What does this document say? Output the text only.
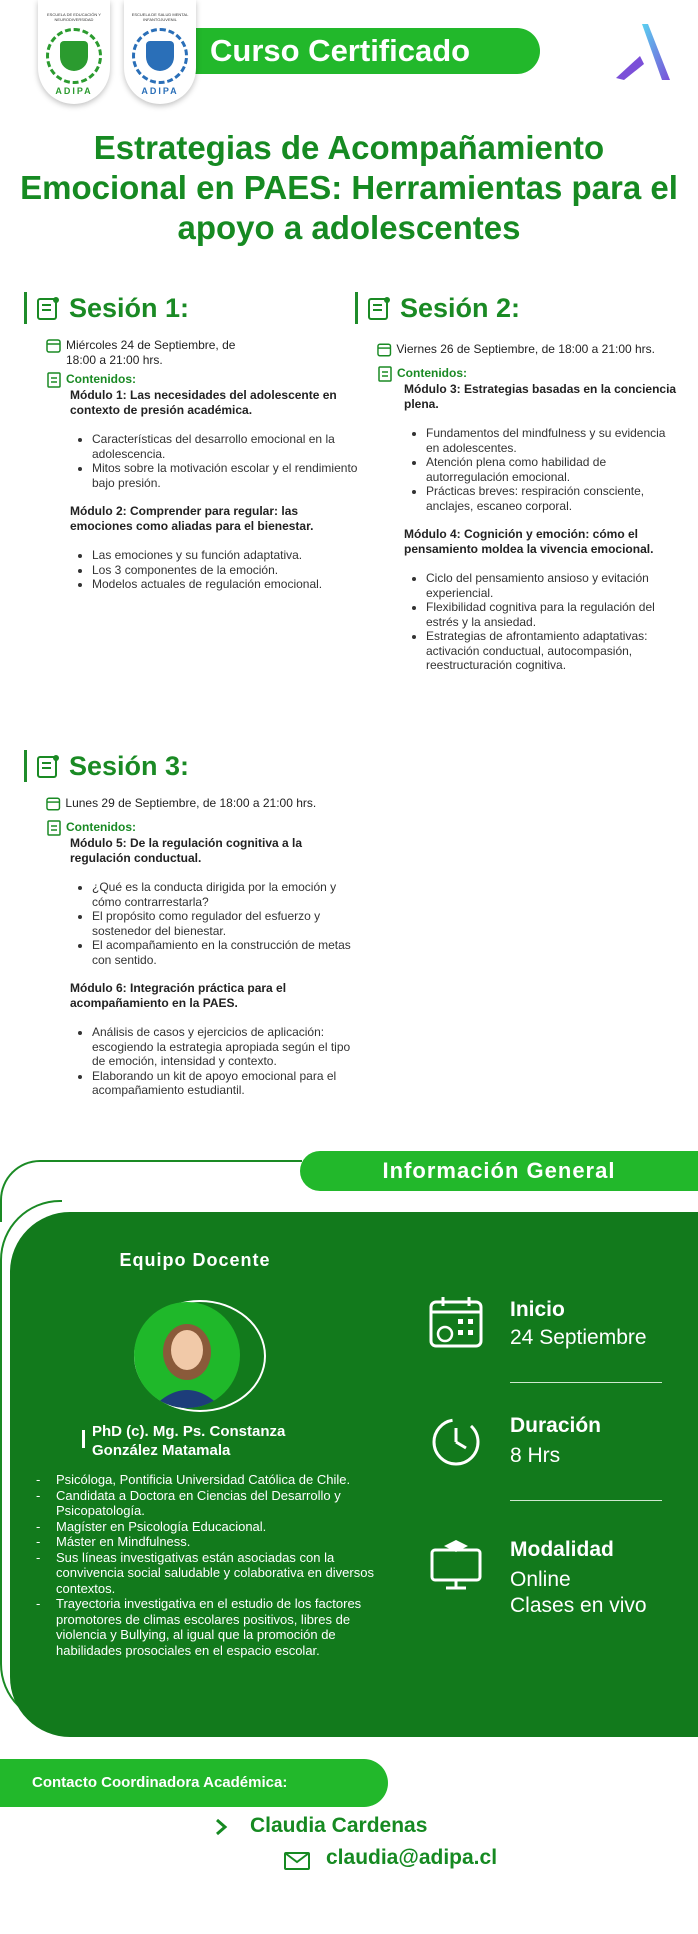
Curso Certificado
ESCUELA DE EDUCACIÓN Y NEURODIVERSIDAD
ADIPA
ESCUELA DE SALUD MENTAL INFANTOJUVENIL
ADIPA
Estrategias de Acompañamiento Emocional en PAES: Herramientas para el apoyo a adolescentes
Sesión 1:
Miércoles 24 de Septiembre, de 18:00 a 21:00 hrs.
Contenidos:
Módulo 1: Las necesidades del adolescente en contexto de presión académica.
• Características del desarrollo emocional en la adolescencia.
• Mitos sobre la motivación escolar y el rendimiento bajo presión.
Módulo 2: Comprender para regular: las emociones como aliadas para el bienestar.
• Las emociones y su función adaptativa.
• Los 3 componentes de la emoción.
• Modelos actuales de regulación emocional.
Sesión 2:
Viernes 26 de Septiembre, de 18:00 a 21:00 hrs.
Contenidos:
Módulo 3: Estrategias basadas en la conciencia plena.
• Fundamentos del mindfulness y su evidencia en adolescentes.
• Atención plena como habilidad de autorregulación emocional.
• Prácticas breves: respiración consciente, anclajes, escaneo corporal.
Módulo 4: Cognición y emoción: cómo el pensamiento moldea la vivencia emocional.
• Ciclo del pensamiento ansioso y evitación experiencial.
• Flexibilidad cognitiva para la regulación del estrés y la ansiedad.
• Estrategias de afrontamiento adaptativas: activación conductual, autocompasión, reestructuración cognitiva.
Sesión 3:
Lunes 29 de Septiembre, de 18:00 a 21:00 hrs.
Contenidos:
Módulo 5: De la regulación cognitiva a la regulación conductual.
• ¿Qué es la conducta dirigida por la emoción y cómo contrarrestarla?
• El propósito como regulador del esfuerzo y sostenedor del bienestar.
• El acompañamiento en la construcción de metas con sentido.
Módulo 6: Integración práctica para el acompañamiento en la PAES.
• Análisis de casos y ejercicios de aplicación: escogiendo la estrategia apropiada según el tipo de emoción, intensidad y contexto.
• Elaborando un kit de apoyo emocional para el acompañamiento estudiantil.
Información General
Equipo Docente
PhD (c). Mg. Ps. Constanza González Matamala
- Psicóloga, Pontificia Universidad Católica de Chile.
- Candidata a Doctora en Ciencias del Desarrollo y Psicopatología.
- Magíster en Psicología Educacional.
- Máster en Mindfulness.
- Sus líneas investigativas están asociadas con la convivencia social saludable y colaborativa en diversos contextos.
- Trayectoria investigativa en el estudio de los factores promotores de climas escolares positivos, libres de violencia y Bullying, al igual que la promoción de habilidades prosociales en el espacio escolar.
Inicio
24 Septiembre
Duración
8 Hrs
Modalidad
Online
Clases en vivo
Contacto Coordinadora Académica:
Claudia Cardenas
claudia@adipa.cl
